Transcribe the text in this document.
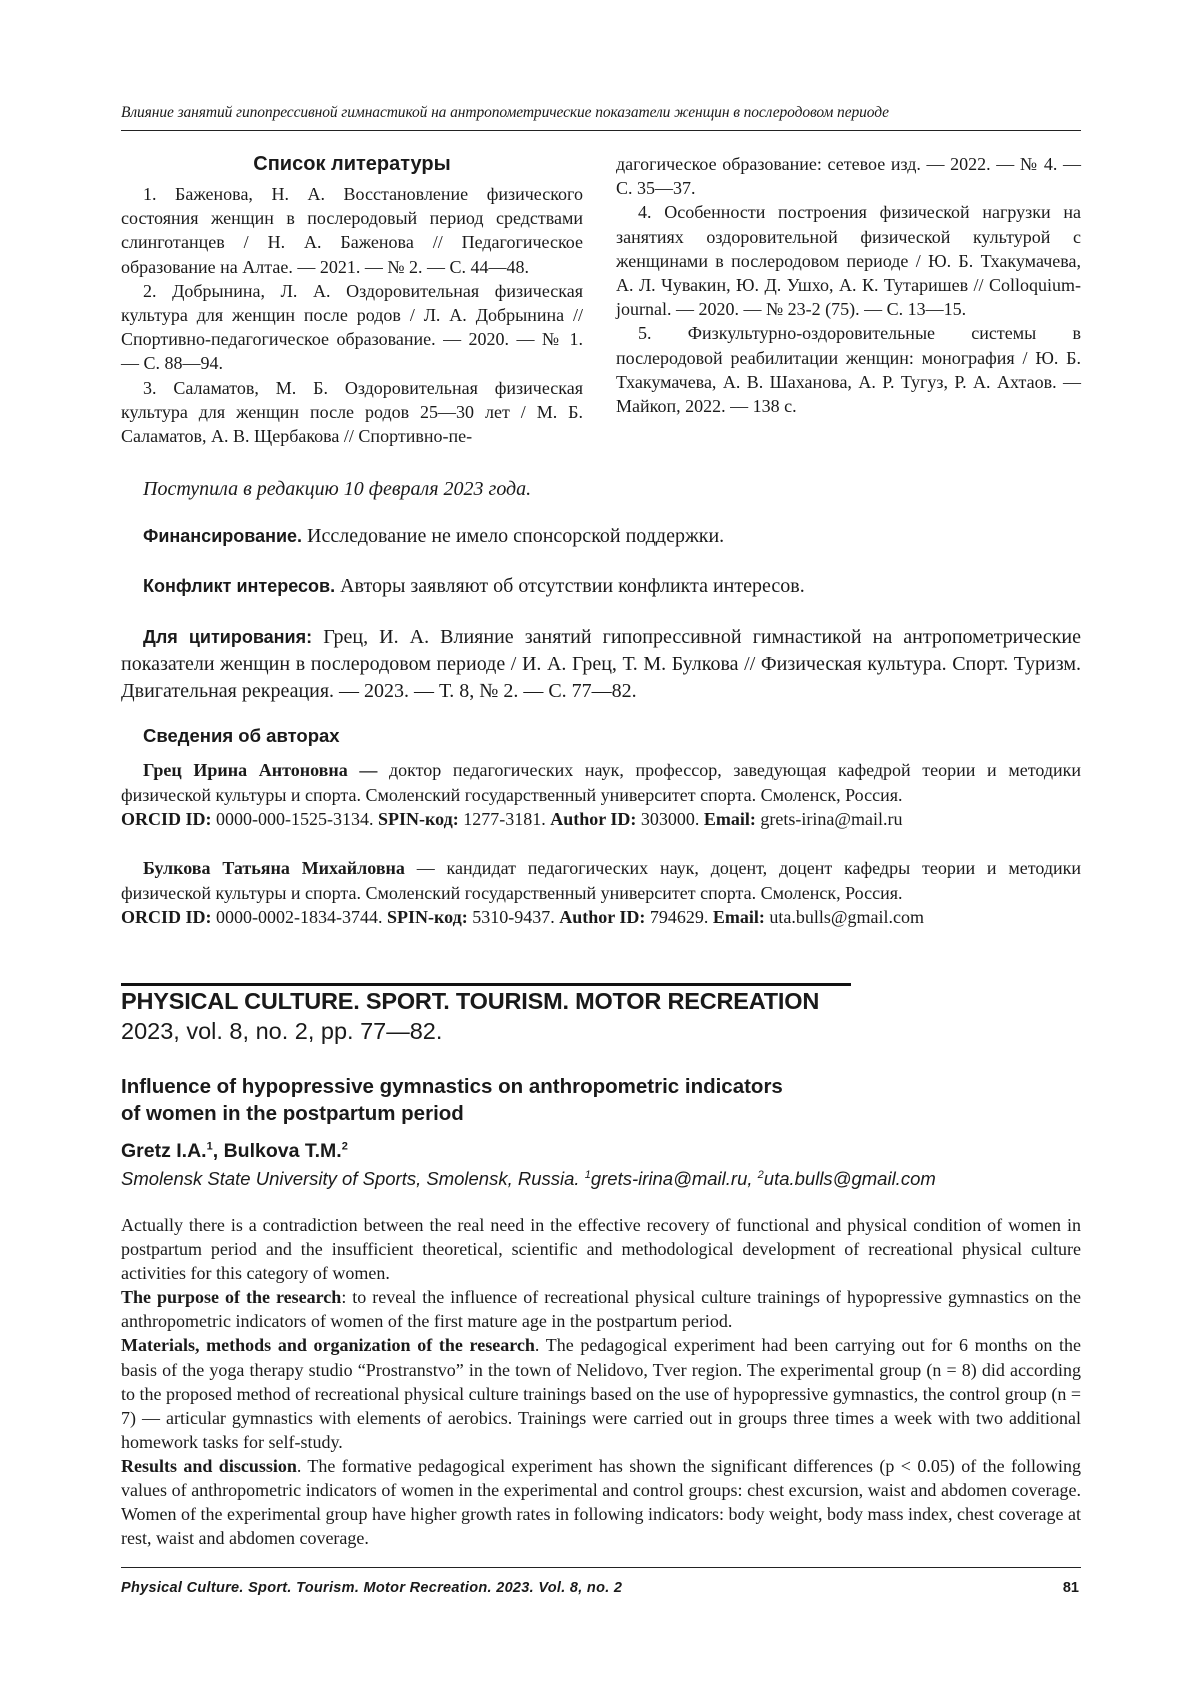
Влияние занятий гипопрессивной гимнастикой на антропометрические показатели женщин в послеродовом периоде
Список литературы

1. Баженова, Н. А. Восстановление физического состояния женщин в послеродовый период средствами слинготанцев / Н. А. Баженова // Педагогическое образование на Алтае. — 2021. — № 2. — С. 44—48.

2. Добрынина, Л. А. Оздоровительная физическая культура для женщин после родов / Л. А. Добрынина // Спортивно-педагогическое образование. — 2020. — № 1. — С. 88—94.

3. Саламатов, М. Б. Оздоровительная физическая культура для женщин после родов 25—30 лет / М. Б. Саламатов, А. В. Щербакова // Спортивно-пе-

дагогическое образование: сетевое изд. — 2022. — № 4. — С. 35—37.

4. Особенности построения физической нагрузки на занятиях оздоровительной физической культурой с женщинами в послеродовом периоде / Ю. Б. Тхакумачева, А. Л. Чувакин, Ю. Д. Ушхо, А. К. Тутаришев // Colloquium-journal. — 2020. — № 23-2 (75). — С. 13—15.

5. Физкультурно-оздоровительные системы в послеродовой реабилитации женщин: монография / Ю. Б. Тхакумачева, А. В. Шаханова, А. Р. Тугуз, Р. А. Ахтаов. — Майкоп, 2022. — 138 с.

Поступила в редакцию 10 февраля 2023 года.
Финансирование. Исследование не имело спонсорской поддержки.
Конфликт интересов. Авторы заявляют об отсутствии конфликта интересов.
Для цитирования: Грец, И. А. Влияние занятий гипопрессивной гимнастикой на антропометрические показатели женщин в послеродовом периоде / И. А. Грец, Т. М. Булкова // Физическая культура. Спорт. Туризм. Двигательная рекреация. — 2023. — Т. 8, № 2. — С. 77—82.
Сведения об авторах
Грец Ирина Антоновна — доктор педагогических наук, профессор, заведующая кафедрой теории и методики физической культуры и спорта. Смоленский государственный университет спорта. Смоленск, Россия.
ORCID ID: 0000-000-1525-3134. SPIN-код: 1277-3181. Author ID: 303000. Email: grets-irina@mail.ru
Булкова Татьяна Михайловна — кандидат педагогических наук, доцент, доцент кафедры теории и методики физической культуры и спорта. Смоленский государственный университет спорта. Смоленск, Россия.
ORCID ID: 0000-0002-1834-3744. SPIN-код: 5310-9437. Author ID: 794629. Email: uta.bulls@gmail.com
PHYSICAL CULTURE. SPORT. TOURISM. MOTOR RECREATION
2023, vol. 8, no. 2, pp. 77—82.
Influence of hypopressive gymnastics on anthropometric indicators
of women in the postpartum period
Gretz I.A.$^1$, Bulkova T.M.$^2$
Smolensk State University of Sports, Smolensk, Russia. $^1$grets-irina@mail.ru, $^2$uta.bulls@gmail.com

Actually there is a contradiction between the real need in the effective recovery of functional and physical condition of women in postpartum period and the insufficient theoretical, scientific and methodological development of recreational physical culture activities for this category of women.

The purpose of the research: to reveal the influence of recreational physical culture trainings of hypopressive gymnastics on the anthropometric indicators of women of the first mature age in the postpartum period.

Materials, methods and organization of the research. The pedagogical experiment had been carrying out for 6 months on the basis of the yoga therapy studio “Prostranstvo” in the town of Nelidovo, Tver region. The experimental group (n = 8) did according to the proposed method of recreational physical culture trainings based on the use of hypopressive gymnastics, the control group (n = 7) — articular gymnastics with elements of aerobics. Trainings were carried out in groups three times a week with two additional homework tasks for self-study.

Results and discussion. The formative pedagogical experiment has shown the significant differences (p < 0.05) of the following values of anthropometric indicators of women in the experimental and control groups: chest excursion, waist and abdomen coverage. Women of the experimental group have higher growth rates in following indicators: body weight, body mass index, chest coverage at rest, waist and abdomen coverage.

Physical Culture. Sport. Tourism. Motor Recreation. 2023. Vol. 8, no. 2	81
